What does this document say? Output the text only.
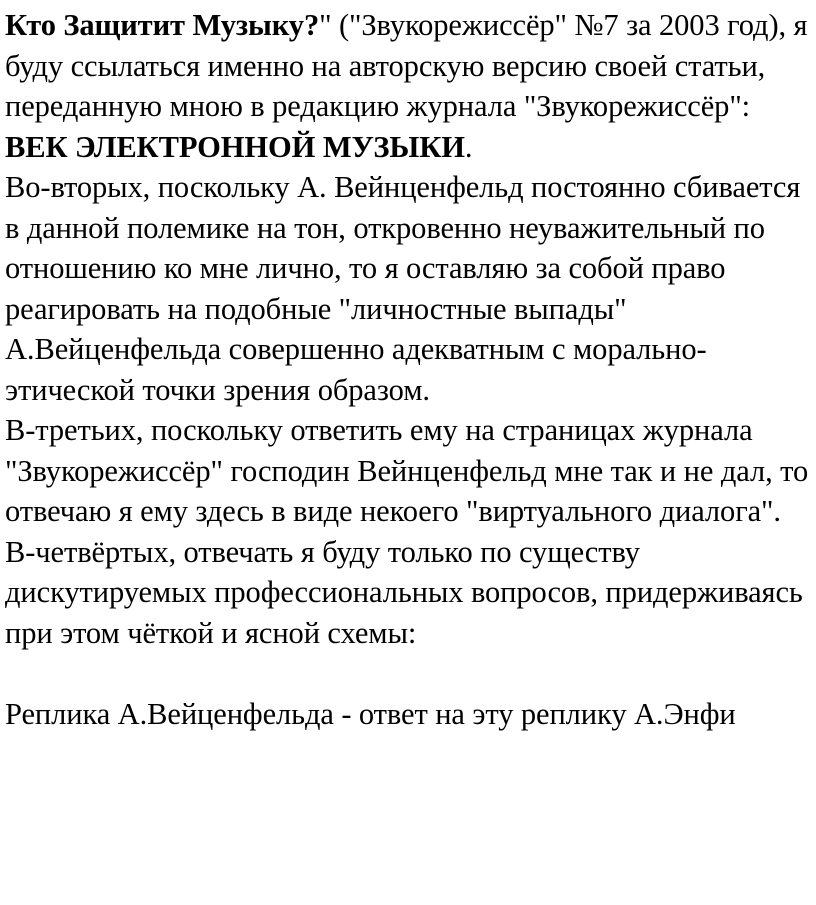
Кто Защитит Музыку?" ("Звукорежиссёр" №7 за 2003 год), я буду ссылаться именно на авторскую версию своей статьи, переданную мною в редакцию журнала "Звукорежиссёр":

ВЕК ЭЛЕКТРОННОЙ МУЗЫКИ.

Во-вторых, поскольку А. Вейнценфельд постоянно сбивается в данной полемике на тон, откровенно неуважительный по отношению ко мне лично, то я оставляю за собой право реагировать на подобные "личностные выпады" А.Вейценфельда совершенно адекватным с морально-этической точки зрения образом.

В-третьих, поскольку ответить ему на страницах журнала "Звукорежиссёр" господин Вейнценфельд мне так и не дал, то отвечаю я ему здесь в виде некоего "виртуального диалога".

В-четвёртых, отвечать я буду только по существу дискутируемых профессиональных вопросов, придерживаясь при этом чёткой и ясной схемы:

Реплика А.Вейценфельда - ответ на эту реплику А.Энфи
